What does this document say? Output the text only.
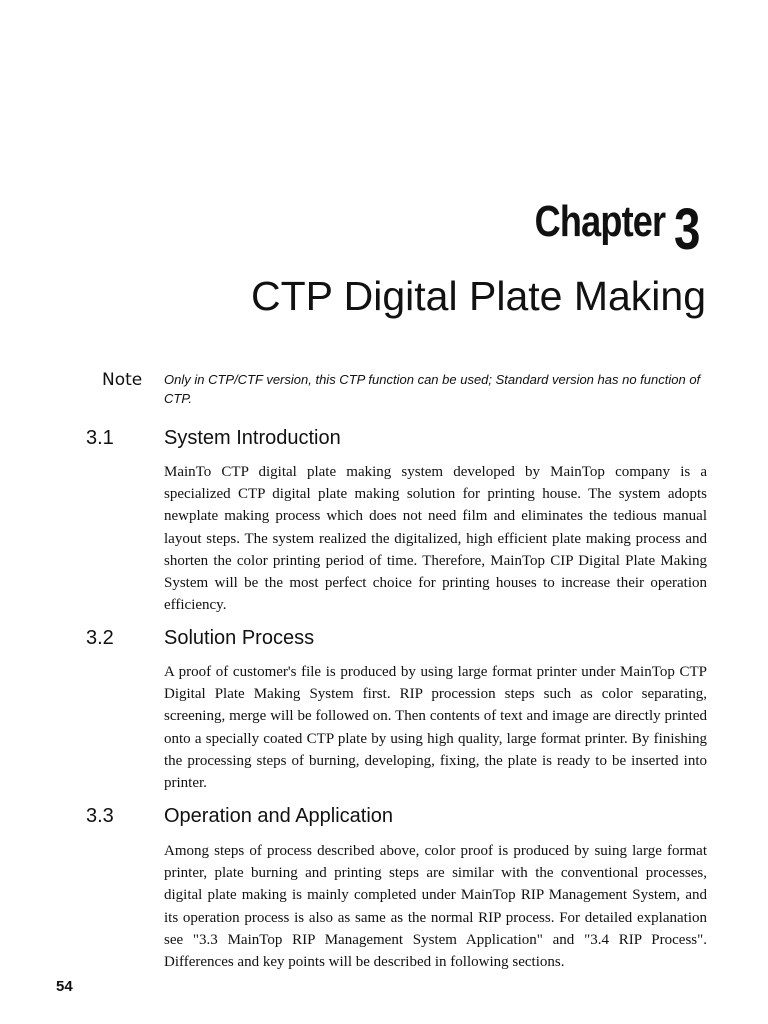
Chapter 3
CTP Digital Plate Making
Note Only in CTP/CTF version, this CTP function can be used; Standard version has no function of CTP.
3.1	System Introduction

MainTo CTP digital plate making system developed by MainTop company is a specialized CTP digital plate making solution for printing house. The system adopts newplate making process which does not need film and eliminates the tedious manual layout steps. The system realized the digitalized, high efficient plate making process and shorten the color printing period of time. Therefore, MainTop CIP Digital Plate Making System will be the most perfect choice for printing houses to increase their operation efficiency.

3.2	Solution Process

A proof of customer's file is produced by using large format printer under MainTop CTP Digital Plate Making System first. RIP procession steps such as color separating, screening, merge will be followed on. Then contents of text and image are directly printed onto a specially coated CTP plate by using high quality, large format printer. By finishing the processing steps of burning, developing, fixing, the plate is ready to be inserted into printer.

3.3	Operation and Application

Among steps of process described above, color proof is produced by suing large format printer, plate burning and printing steps are similar with the conventional processes, digital plate making is mainly completed under MainTop RIP Management System, and its operation process is also as same as the normal RIP process. For detailed explanation see "3.3 MainTop RIP Management System Application" and "3.4 RIP Process". Differences and key points will be described in following sections.

54
